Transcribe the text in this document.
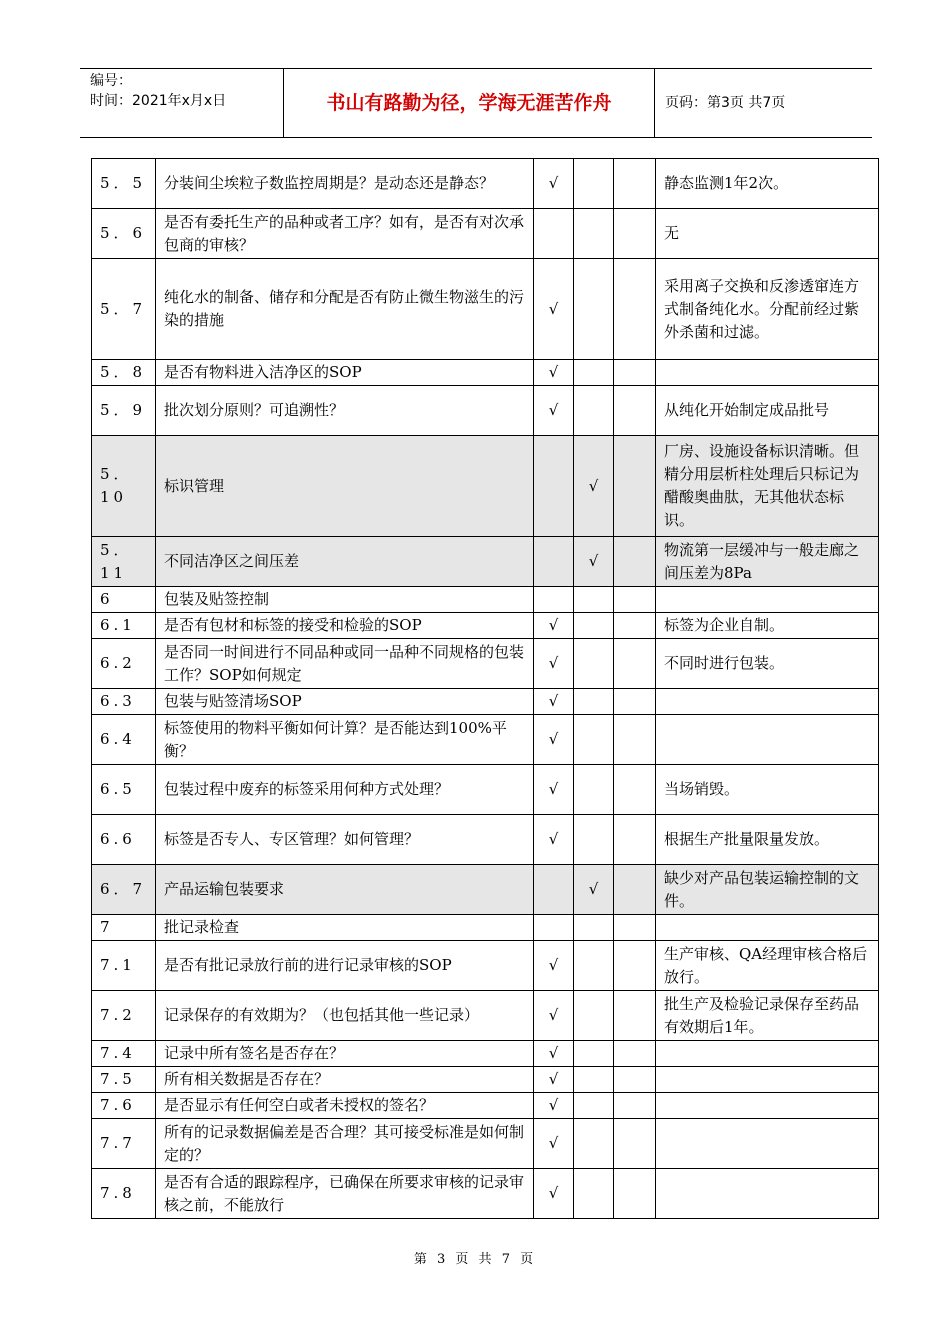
编号：
时间：2021年x月x日	书山有路勤为径，学海无涯苦作舟	页码：第3页 共7页
5．5	分装间尘埃粒子数监控周期是？是动态还是静态？	√			静态监测1年2次。
5．6	是否有委托生产的品种或者工序？如有，是否有对次承包商的审核？				无
5．7	纯化水的制备、储存和分配是否有防止微生物滋生的污染的措施	√			采用离子交换和反渗透窜连方式制备纯化水。分配前经过紫外杀菌和过滤。
5．8	是否有物料进入洁净区的SOP	√			
5．9	批次划分原则？可追溯性？	√			从纯化开始制定成品批号
5．10	标识管理		√		厂房、设施设备标识清晰。但精分用层析柱处理后只标记为醋酸奥曲肽，无其他状态标识。
5．11	不同洁净区之间压差		√		物流第一层缓冲与一般走廊之间压差为8Pa
6	包装及贴签控制				
6.1	是否有包材和标签的接受和检验的SOP	√			标签为企业自制。
6.2	是否同一时间进行不同品种或同一品种不同规格的包装工作？SOP如何规定	√			不同时进行包装。
6.3	包装与贴签清场SOP	√			
6.4	标签使用的物料平衡如何计算？是否能达到100%平衡？	√			
6.5	包装过程中废弃的标签采用何种方式处理？	√			当场销毁。
6.6	标签是否专人、专区管理？如何管理？	√			根据生产批量限量发放。
6．7	产品运输包装要求		√		缺少对产品包装运输控制的文件。
7	批记录检查				
7.1	是否有批记录放行前的进行记录审核的SOP	√			生产审核、QA经理审核合格后放行。
7.2	记录保存的有效期为？（也包括其他一些记录）	√			批生产及检验记录保存至药品有效期后1年。
7.4	记录中所有签名是否存在？	√			
7.5	所有相关数据是否存在？	√			
7.6	是否显示有任何空白或者未授权的签名？	√			
7.7	所有的记录数据偏差是否合理？其可接受标准是如何制定的？	√			
7.8	是否有合适的跟踪程序，已确保在所要求审核的记录审核之前，不能放行	√			
第 3 页 共 7 页
